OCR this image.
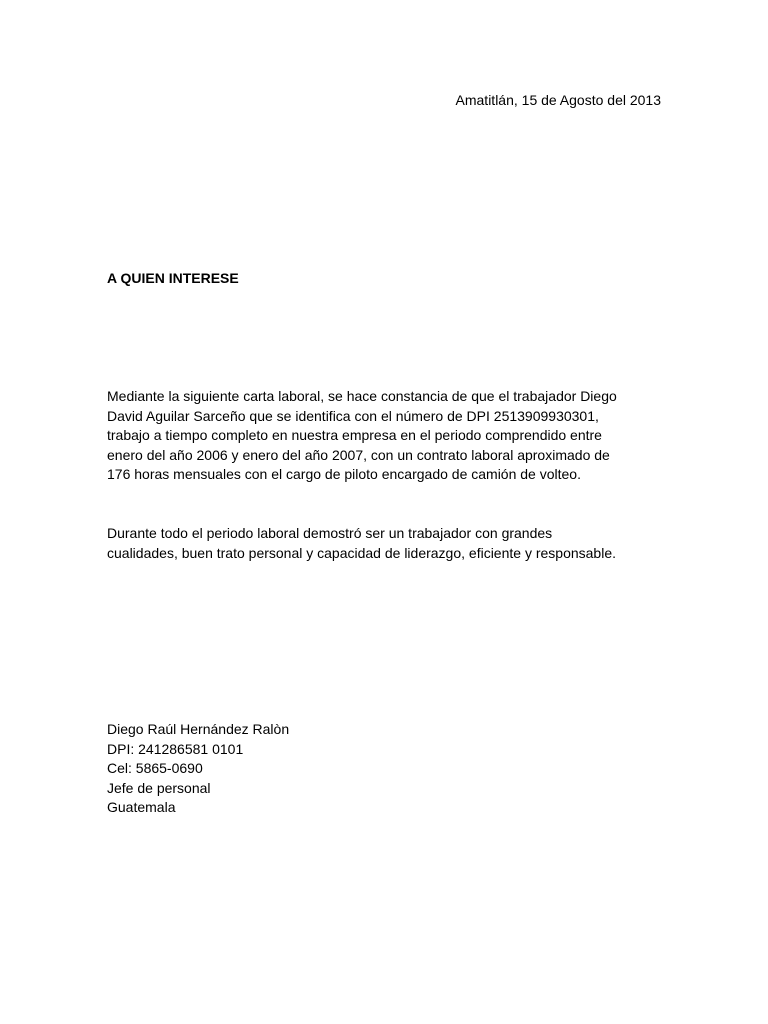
Amatitlán, 15 de Agosto del 2013
A QUIEN INTERESE

Mediante la siguiente carta laboral, se hace constancia de que el trabajador Diego
David Aguilar Sarceño que se identifica con el número de DPI 2513909930301,
trabajo a tiempo completo en nuestra empresa en el periodo comprendido entre
enero del año 2006 y enero del año 2007, con un contrato laboral aproximado de
176 horas mensuales con el cargo de piloto encargado de camión de volteo.

Durante todo el periodo laboral demostró ser un trabajador con grandes
cualidades, buen trato personal y capacidad de liderazgo, eficiente y responsable.

Diego Raúl Hernández Ralòn
DPI: 241286581 0101
Cel: 5865-0690
Jefe de personal
Guatemala
